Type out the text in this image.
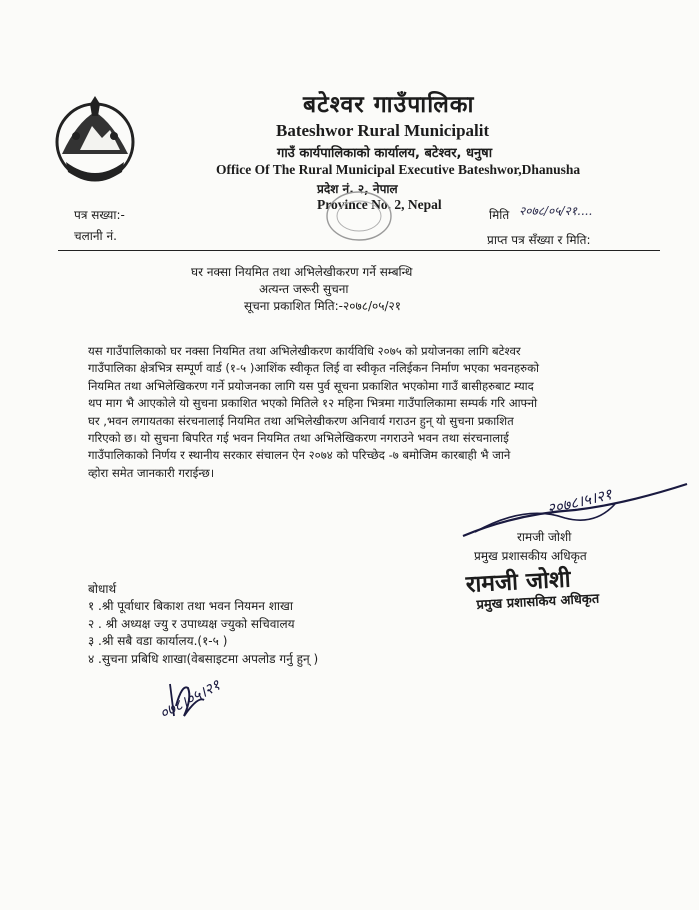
बटेश्वर गाउँपालिका
Bateshwor Rural Municipalit
गाउँ कार्यपालिकाको कार्यालय, बटेश्वर, धनुषा
Office Of The Rural Municipal Executive Bateshwor,Dhanusha
प्रदेश नं. २, नेपाल
Province No. 2, Nepal
पत्र सख्या:-
चलानी नं.
मिति २०७८/०५/२१....
प्राप्त पत्र सँख्या र मिति:
घर नक्सा नियमित तथा अभिलेखीकरण गर्ने सम्बन्धि
अत्यन्त जरूरी सुचना
सूचना प्रकाशित मिति:-२०७८/०५/२१
यस गाउँपालिकाको घर नक्सा नियमित तथा अभिलेखीकरण कार्यविधि २०७५ को प्रयोजनका लागि बटेश्वर
गाउँपालिका क्षेत्रभित्र सम्पूर्ण वार्ड (१-५ )आशिंक स्वीकृत लिई वा स्वीकृत नलिईकन निर्माण भएका भवनहरुको
नियमित तथा अभिलेखिकरण गर्ने प्रयोजनका लागि यस पुर्व सूचना प्रकाशित भएकोमा गाउँ बासीहरुबाट म्याद
थप माग भै आएकोले यो सुचना प्रकाशित भएको मितिले १२ महिना भित्रमा गाउँपालिकामा सम्पर्क गरि आफ्नो
घर ,भवन लगायतका संरचनालाई नियमित तथा अभिलेखीकरण अनिवार्य गराउन हुन् यो सुचना प्रकाशित
गरिएको छ। यो सुचना बिपरित गई भवन नियमित तथा अभिलेखिकरण नगराउने भवन तथा संरचनालाई
गाउँपालिकाको निर्णय र स्थानीय सरकार संचालन ऐन २०७४ को परिच्छेद -७ बमोजिम कारबाही भै जाने
व्होरा समेत जानकारी गराईन्छ।
२०७८।५।२१
रामजी जोशी
प्रमुख प्रशासकीय अधिकृत
रामजी जोशी
प्रमुख प्रशासकिय अधिकृत
बोधार्थ
१ .श्री पूर्वाधार बिकाश तथा भवन नियमन शाखा
२ . श्री अध्यक्ष ज्यु र उपाध्यक्ष ज्युको सचिवालय
३ .श्री सबै वडा कार्यालय.(१-५ )
४ .सुचना प्रबिधि शाखा(वेबसाइटमा अपलोड गर्नु हुन् )
०७८।०५।२१
